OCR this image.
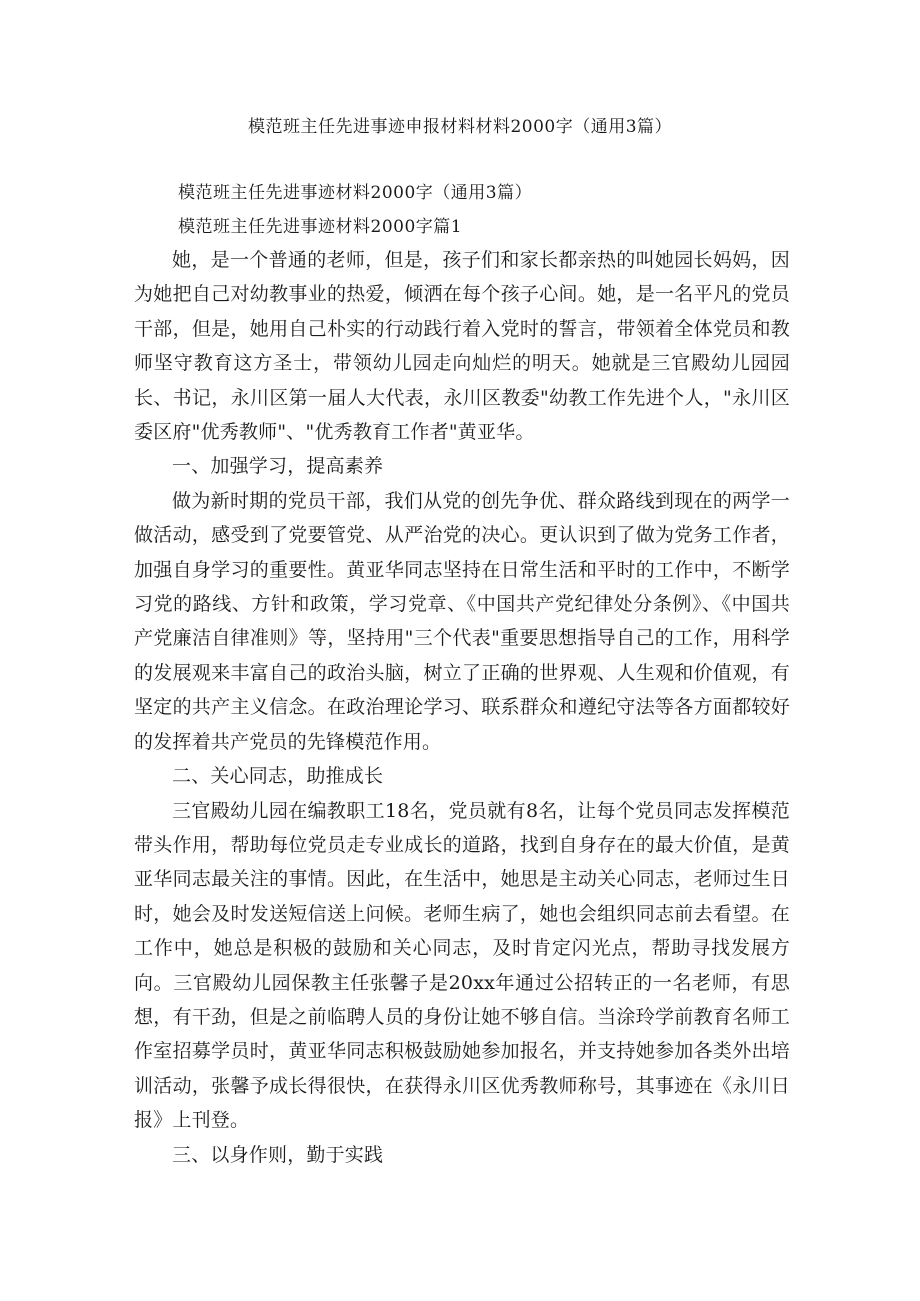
模范班主任先进事迹申报材料材料2000字（通用3篇）
模范班主任先进事迹材料2000字（通用3篇）
模范班主任先进事迹材料2000字篇1

她，是一个普通的老师，但是，孩子们和家长都亲热的叫她园长妈妈，因为她把自己对幼教事业的热爱，倾洒在每个孩子心间。她，是一名平凡的党员干部，但是，她用自己朴实的行动践行着入党时的誓言，带领着全体党员和教师坚守教育这方圣士，带领幼儿园走向灿烂的明天。她就是三官殿幼儿园园长、书记，永川区第一届人大代表，永川区教委"幼教工作先进个人，"永川区委区府"优秀教师"、"优秀教育工作者"黄亚华。

一、加强学习，提高素养

做为新时期的党员干部，我们从党的创先争优、群众路线到现在的两学一做活动，感受到了党要管党、从严治党的决心。更认识到了做为党务工作者，加强自身学习的重要性。黄亚华同志坚持在日常生活和平时的工作中，不断学习党的路线、方针和政策，学习党章、《中国共产党纪律处分条例》、《中国共产党廉洁自律准则》等，坚持用"三个代表"重要思想指导自己的工作，用科学的发展观来丰富自己的政治头脑，树立了正确的世界观、人生观和价值观，有坚定的共产主义信念。在政治理论学习、联系群众和遵纪守法等各方面都较好的发挥着共产党员的先锋模范作用。

二、关心同志，助推成长

三官殿幼儿园在编教职工18名，党员就有8名，让每个党员同志发挥模范带头作用，帮助每位党员走专业成长的道路，找到自身存在的最大价值，是黄亚华同志最关注的事情。因此，在生活中，她思是主动关心同志，老师过生日时，她会及时发送短信送上问候。老师生病了，她也会组织同志前去看望。在工作中，她总是积极的鼓励和关心同志，及时肯定闪光点，帮助寻找发展方向。三官殿幼儿园保教主任张馨子是20xx年通过公招转正的一名老师，有思想，有干劲，但是之前临聘人员的身份让她不够自信。当涂玲学前教育名师工作室招募学员时，黄亚华同志积极鼓励她参加报名，并支持她参加各类外出培训活动，张馨予成长得很快，在获得永川区优秀教师称号，其事迹在《永川日报》上刊登。

三、以身作则，勤于实践
